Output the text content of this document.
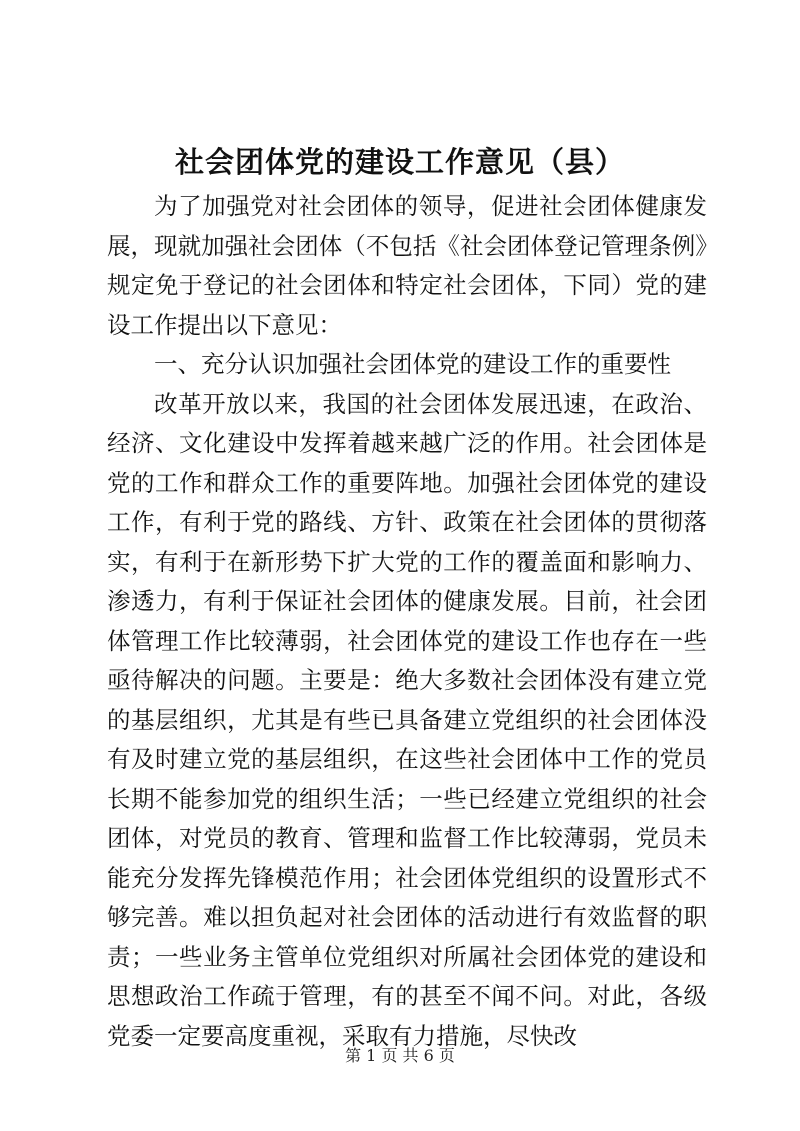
社会团体党的建设工作意见（县）

为了加强党对社会团体的领导，促进社会团体健康发展，现就加强社会团体（不包括《社会团体登记管理条例》规定免于登记的社会团体和特定社会团体，下同）党的建设工作提出以下意见：

一、充分认识加强社会团体党的建设工作的重要性

改革开放以来，我国的社会团体发展迅速，在政治、经济、文化建设中发挥着越来越广泛的作用。社会团体是党的工作和群众工作的重要阵地。加强社会团体党的建设工作，有利于党的路线、方针、政策在社会团体的贯彻落实，有利于在新形势下扩大党的工作的覆盖面和影响力、渗透力，有利于保证社会团体的健康发展。目前，社会团体管理工作比较薄弱，社会团体党的建设工作也存在一些亟待解决的问题。主要是：绝大多数社会团体没有建立党的基层组织，尤其是有些已具备建立党组织的社会团体没有及时建立党的基层组织，在这些社会团体中工作的党员长期不能参加党的组织生活；一些已经建立党组织的社会团体，对党员的教育、管理和监督工作比较薄弱，党员未能充分发挥先锋模范作用；社会团体党组织的设置形式不够完善。难以担负起对社会团体的活动进行有效监督的职责；一些业务主管单位党组织对所属社会团体党的建设和思想政治工作疏于管理，有的甚至不闻不问。对此，各级党委一定要高度重视，采取有力措施，尽快改

第 1 页 共 6 页
